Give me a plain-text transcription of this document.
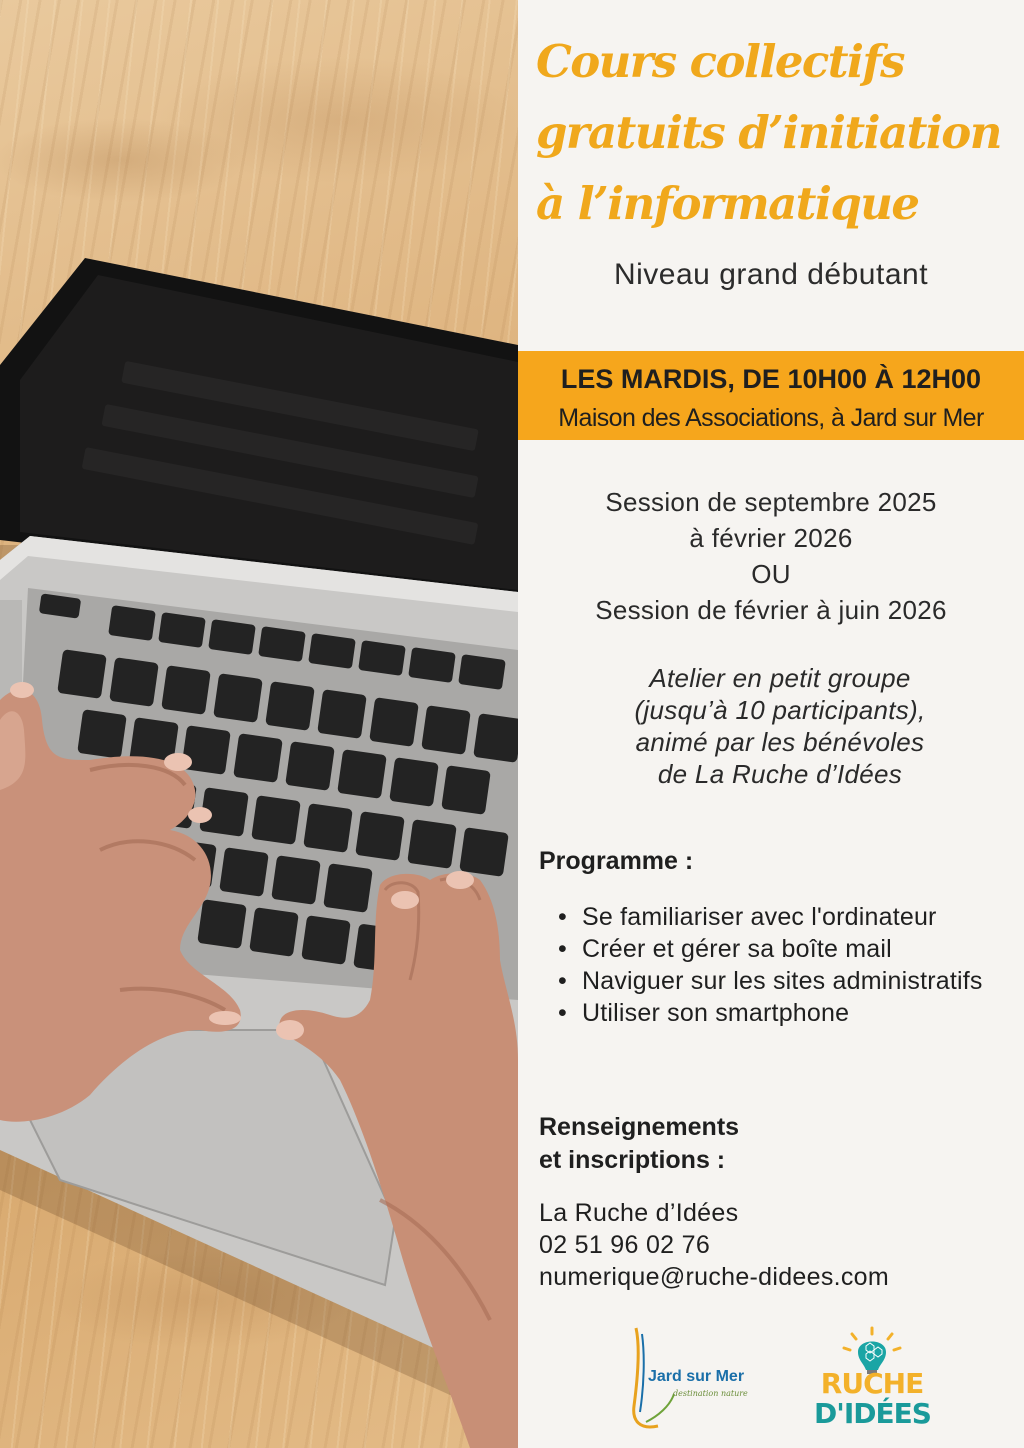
Cours collectifs
gratuits d’initiation
à l’informatique
Niveau grand débutant
LES MARDIS, DE 10H00 À 12H00
Maison des Associations, à Jard sur Mer
Session de septembre 2025
à février 2026
OU
Session de février à juin 2026
Atelier en petit groupe
(jusqu’à 10 participants),
animé par les bénévoles
de La Ruche d’Idées
Programme :
• Se familiariser avec l'ordinateur
• Créer et gérer sa boîte mail
• Naviguer sur les sites administratifs
• Utiliser son smartphone
Renseignements
et inscriptions :
La Ruche d’Idées
02 51 96 02 76
numerique@ruche-didees.com
Jard sur Mer
destination nature	RUCHE
D'IDÉES
